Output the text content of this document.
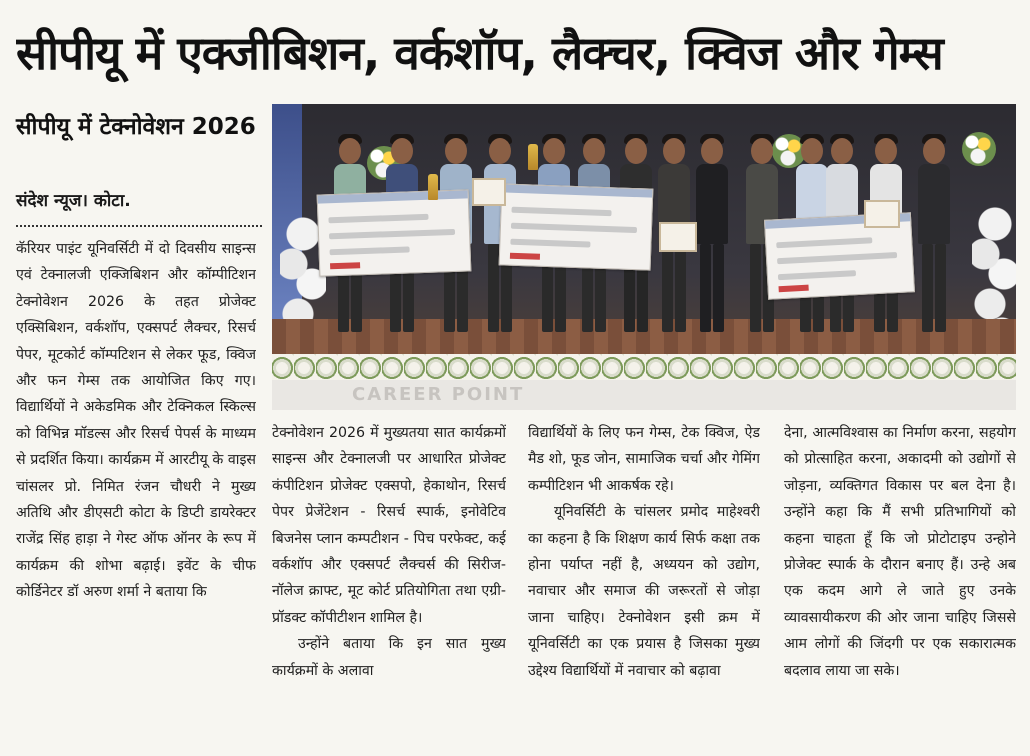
सीपीयू में एक्जीबिशन, वर्कशॉप, लैक्चर, क्विज और गेम्स
सीपीयू में टेक्नोवेशन 2026
संदेश न्यूज। कोटा.

कॅरियर पाइंट यूनिवर्सिटी में दो दिवसीय साइन्स एवं टेक्नालजी एक्जिबिशन और कॉम्पीटिशन टेक्नोवेशन 2026 के तहत प्रोजेक्ट एक्सिबिशन, वर्कशॉप, एक्सपर्ट लैक्चर, रिसर्च पेपर, मूटकोर्ट कॉम्पटिशन से लेकर फूड, क्विज और फन गेम्स तक आयोजित किए गए। विद्यार्थियों ने अकेडमिक और टेक्निकल स्किल्स को विभिन्न मॉडल्स और रिसर्च पेपर्स के माध्यम से प्रदर्शित किया। कार्यक्रम में आरटीयू के वाइस चांसलर प्रो. निमित रंजन चौधरी ने मुख्य अतिथि और डीएसटी कोटा के डिप्टी डायरेक्टर राजेंद्र सिंह हाड़ा ने गेस्ट ऑफ ऑनर के रूप में कार्यक्रम की शोभा बढ़ाई। इवेंट के चीफ कोर्डिनेटर डॉ अरुण शर्मा ने बताया कि

CAREER POINT

टेक्नोवेशन 2026 में मुख्यतया सात कार्यक्रमों साइन्स और टेक्नालजी पर आधारित प्रोजेक्ट कंपीटिशन प्रोजेक्ट एक्सपो, हेकाथोन, रिसर्च पेपर प्रेजेंटेशन - रिसर्च स्पार्क, इनोवेटिव बिजनेस प्लान कम्पटीशन - पिच परफेक्ट, कई वर्कशॉप और एक्सपर्ट लैक्चर्स की सिरीज- नॉलेज क्राफ्ट, मूट कोर्ट प्रतियोगिता तथा एग्री-प्रॉडक्ट कॉपीटीशन शामिल है।

उन्होंने बताया कि इन सात मुख्य कार्यक्रमों के अलावा

विद्यार्थियों के लिए फन गेम्स, टेक क्विज, ऐड मैड शो, फूड जोन, सामाजिक चर्चा और गेमिंग कम्पीटिशन भी आकर्षक रहे।

यूनिवर्सिटी के चांसलर प्रमोद माहेश्वरी का कहना है कि शिक्षण कार्य सिर्फ कक्षा तक होना पर्याप्त नहीं है, अध्ययन को उद्योग, नवाचार और समाज की जरूरतों से जोड़ा जाना चाहिए। टेक्नोवेशन इसी क्रम में यूनिवर्सिटी का एक प्रयास है जिसका मुख्य उद्देश्य विद्यार्थियों में नवाचार को बढ़ावा

देना, आत्मविश्वास का निर्माण करना, सहयोग को प्रोत्साहित करना, अकादमी को उद्योगों से जोड़ना, व्यक्तिगत विकास पर बल देना है। उन्होंने कहा कि मैं सभी प्रतिभागियों को कहना चाहता हूँ कि जो प्रोटोटाइप उन्होने प्रोजेक्ट स्पार्क के दौरान बनाए हैं। उन्हे अब एक कदम आगे ले जाते हुए उनके व्यावसायीकरण की ओर जाना चाहिए जिससे आम लोगों की जिंदगी पर एक सकारात्मक बदलाव लाया जा सके।
